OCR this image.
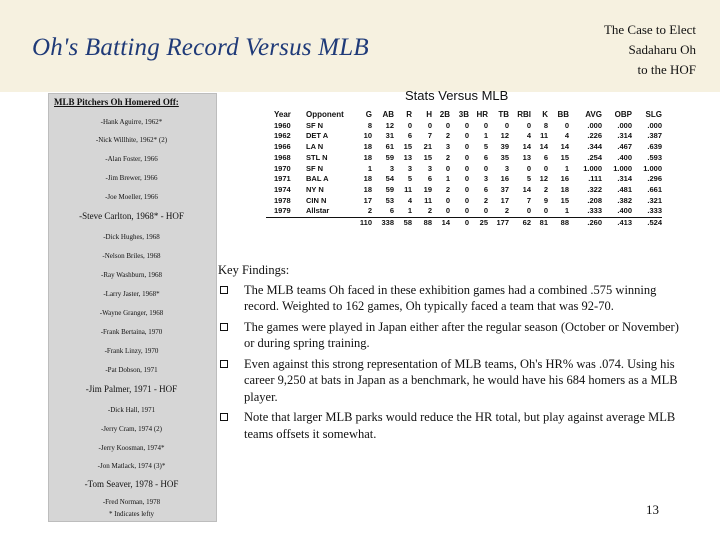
Oh's Batting Record Versus MLB
The Case to Elect
Sadaharu Oh
to the HOF
MLB Pitchers Oh Homered Off:
-Hank Aguirre, 1962*
-Nick Willhite, 1962* (2)
-Alan Foster, 1966
-Jim Brewer, 1966
-Joe Moeller, 1966
-Steve Carlton, 1968* - HOF
-Dick Hughes, 1968
-Nelson Briles, 1968
-Ray Washburn, 1968
-Larry Jaster, 1968*
-Wayne Granger, 1968
-Frank Bertaina, 1970
-Frank Linzy, 1970
-Pat Dobson, 1971
-Jim Palmer, 1971 - HOF
-Dick Hall, 1971
-Jerry Cram, 1974 (2)
-Jerry Koosman, 1974*
-Jon Matlack, 1974 (3)*
-Tom Seaver, 1978 - HOF
-Fred Norman, 1978
* Indicates lefty
Stats Versus MLB
Year	Opponent	G	AB	R	H	2B	3B	HR	TB	RBI	K	BB	AVG	OBP	SLG
1960	SF N	8	12	0	0	0	0	0	0	0	8	0	.000	.000	.000
1962	DET A	10	31	6	7	2	0	1	12	4	11	4	.226	.314	.387
1966	LA N	18	61	15	21	3	0	5	39	14	14	14	.344	.467	.639
1968	STL N	18	59	13	15	2	0	6	35	13	6	15	.254	.400	.593
1970	SF N	1	3	3	3	0	0	0	3	0	0	1	1.000	1.000	1.000
1971	BAL A	18	54	5	6	1	0	3	16	5	12	16	.111	.314	.296
1974	NY N	18	59	11	19	2	0	6	37	14	2	18	.322	.481	.661
1978	CIN N	17	53	4	11	0	0	2	17	7	9	15	.208	.382	.321
1979	Allstar	2	6	1	2	0	0	0	2	0	0	1	.333	.400	.333
		110	338	58	88	14	0	25	177	62	81	88	.260	.413	.524
Key Findings:
The MLB teams Oh faced in these exhibition games had a combined .575 winning record. Weighted to 162 games, Oh typically faced a team that was 92-70.
The games were played in Japan either after the regular season (October or November) or during spring training.
Even against this strong representation of MLB teams, Oh's HR% was .074. Using his career 9,250 at bats in Japan as a benchmark, he would have his 684 homers as a MLB player.
Note that larger MLB parks would reduce the HR total, but play against average MLB teams offsets it somewhat.
13
